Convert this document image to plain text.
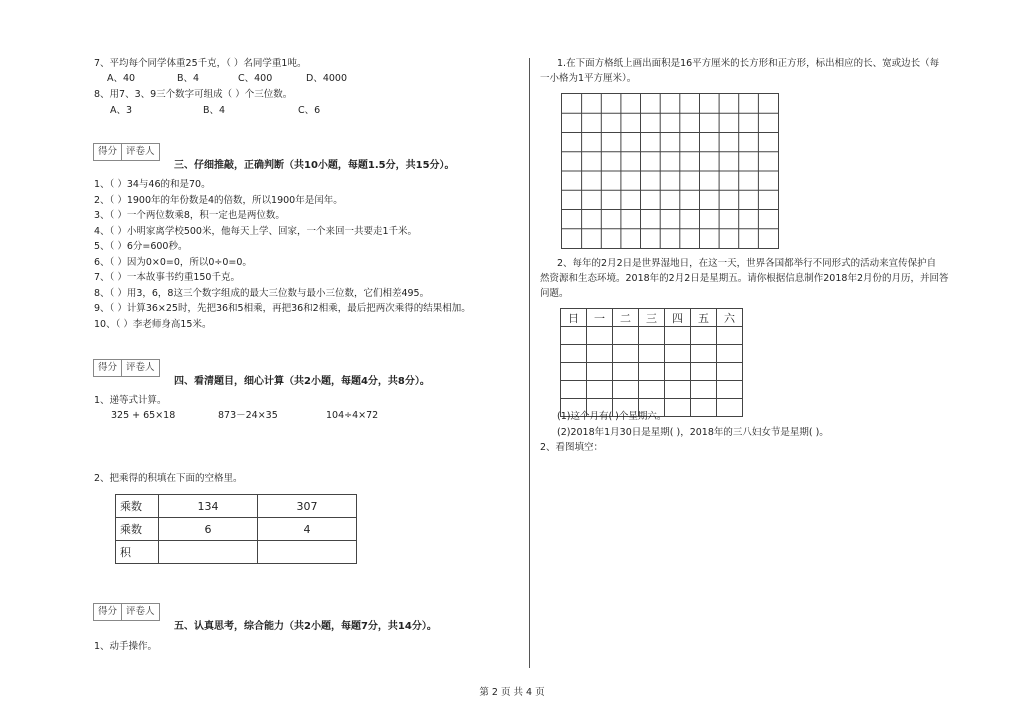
7、平均每个同学体重25千克，（ ）名同学重1吨。
A、40	B、4	C、400	D、4000
8、用7、3、9三个数字可组成（ ）个三位数。
A、3	B、4	C、6
得分 评卷人
三、仔细推敲，正确判断（共10小题，每题1.5分，共15分）。
1、（ ）34与46的和是70。
2、（ ）1900年的年份数是4的倍数，所以1900年是闰年。
3、（ ）一个两位数乘8，积一定也是两位数。
4、（ ）小明家离学校500米，他每天上学、回家，一个来回一共要走1千米。
5、（ ）6分=600秒。
6、（ ）因为0×0=0，所以0÷0=0。
7、（ ）一本故事书约重150千克。
8、（ ）用3，6，8这三个数字组成的最大三位数与最小三位数，它们相差495。
9、（ ）计算36×25时，先把36和5相乘，再把36和2相乘，最后把两次乘得的结果相加。
10、（ ）李老师身高15米。
得分 评卷人
四、看清题目，细心计算（共2小题，每题4分，共8分）。
1、递等式计算。
325 + 65×18	873－24×35	104÷4×72
2、把乘得的积填在下面的空格里。
乘数	134	307
乘数	6	4
积		
得分 评卷人
五、认真思考，综合能力（共2小题，每题7分，共14分）。
1、动手操作。
1.在下面方格纸上画出面积是16平方厘米的长方形和正方形，标出相应的长、宽或边长（每
一小格为1平方厘米）。
2、每年的2月2日是世界湿地日，在这一天，世界各国都举行不同形式的活动来宣传保护自
然资源和生态环境。2018年的2月2日是星期五。请你根据信息制作2018年2月份的月历，并回答
问题。
日	一	二	三	四	五	六

(1)这个月有( )个星期六。
(2)2018年1月30日是星期( )，2018年的三八妇女节是星期( )。
2、看图填空：
第 2 页 共 4 页
